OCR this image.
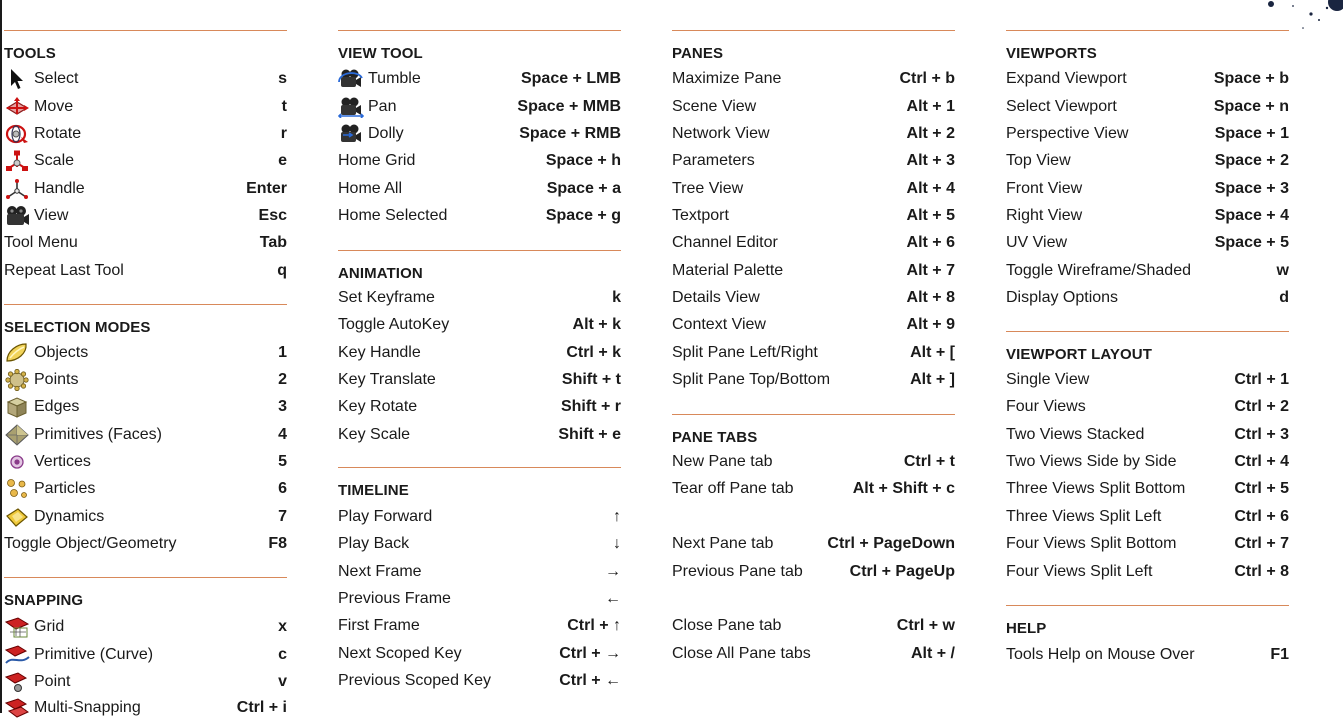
TOOLS
Select	s
Move	t
Rotate	r
Scale	e
Handle	Enter
View	Esc
Tool Menu	Tab
Repeat Last Tool	q
SELECTION MODES
Objects	1
Points	2
Edges	3
Primitives (Faces)	4
Vertices	5
Particles	6
Dynamics	7
Toggle Object/Geometry	F8
SNAPPING
Grid	x
Primitive (Curve)	c
Point	v
Multi-Snapping	Ctrl + i
VIEW TOOL
Tumble	Space + LMB
Pan	Space + MMB
Dolly	Space + RMB
Home Grid	Space + h
Home All	Space + a
Home Selected	Space + g
ANIMATION
Set Keyframe	k
Toggle AutoKey	Alt + k
Key Handle	Ctrl + k
Key Translate	Shift + t
Key Rotate	Shift + r
Key Scale	Shift + e
TIMELINE
Play Forward	↑
Play Back	↓
Next Frame	→
Previous Frame	←
First Frame	Ctrl + ↑
Next Scoped Key	Ctrl + →
Previous Scoped Key	Ctrl + ←
PANES
Maximize Pane	Ctrl + b
Scene View	Alt + 1
Network View	Alt + 2
Parameters	Alt + 3
Tree View	Alt + 4
Textport	Alt + 5
Channel Editor	Alt + 6
Material Palette	Alt + 7
Details View	Alt + 8
Context View	Alt + 9
Split Pane Left/Right	Alt + [
Split Pane Top/Bottom	Alt + ]
PANE TABS
New Pane tab	Ctrl + t
Tear off Pane tab	Alt + Shift + c
Next Pane tab	Ctrl + PageDown
Previous Pane tab	Ctrl + PageUp
Close Pane tab	Ctrl + w
Close All Pane tabs	Alt + /
VIEWPORTS
Expand Viewport	Space + b
Select Viewport	Space + n
Perspective View	Space + 1
Top View	Space + 2
Front View	Space + 3
Right View	Space + 4
UV View	Space + 5
Toggle Wireframe/Shaded	w
Display Options	d
VIEWPORT LAYOUT
Single View	Ctrl + 1
Four Views	Ctrl + 2
Two Views Stacked	Ctrl + 3
Two Views Side by Side	Ctrl + 4
Three Views Split Bottom	Ctrl + 5
Three Views Split Left	Ctrl + 6
Four Views Split Bottom	Ctrl + 7
Four Views Split Left	Ctrl + 8
HELP
Tools Help on Mouse Over	F1
